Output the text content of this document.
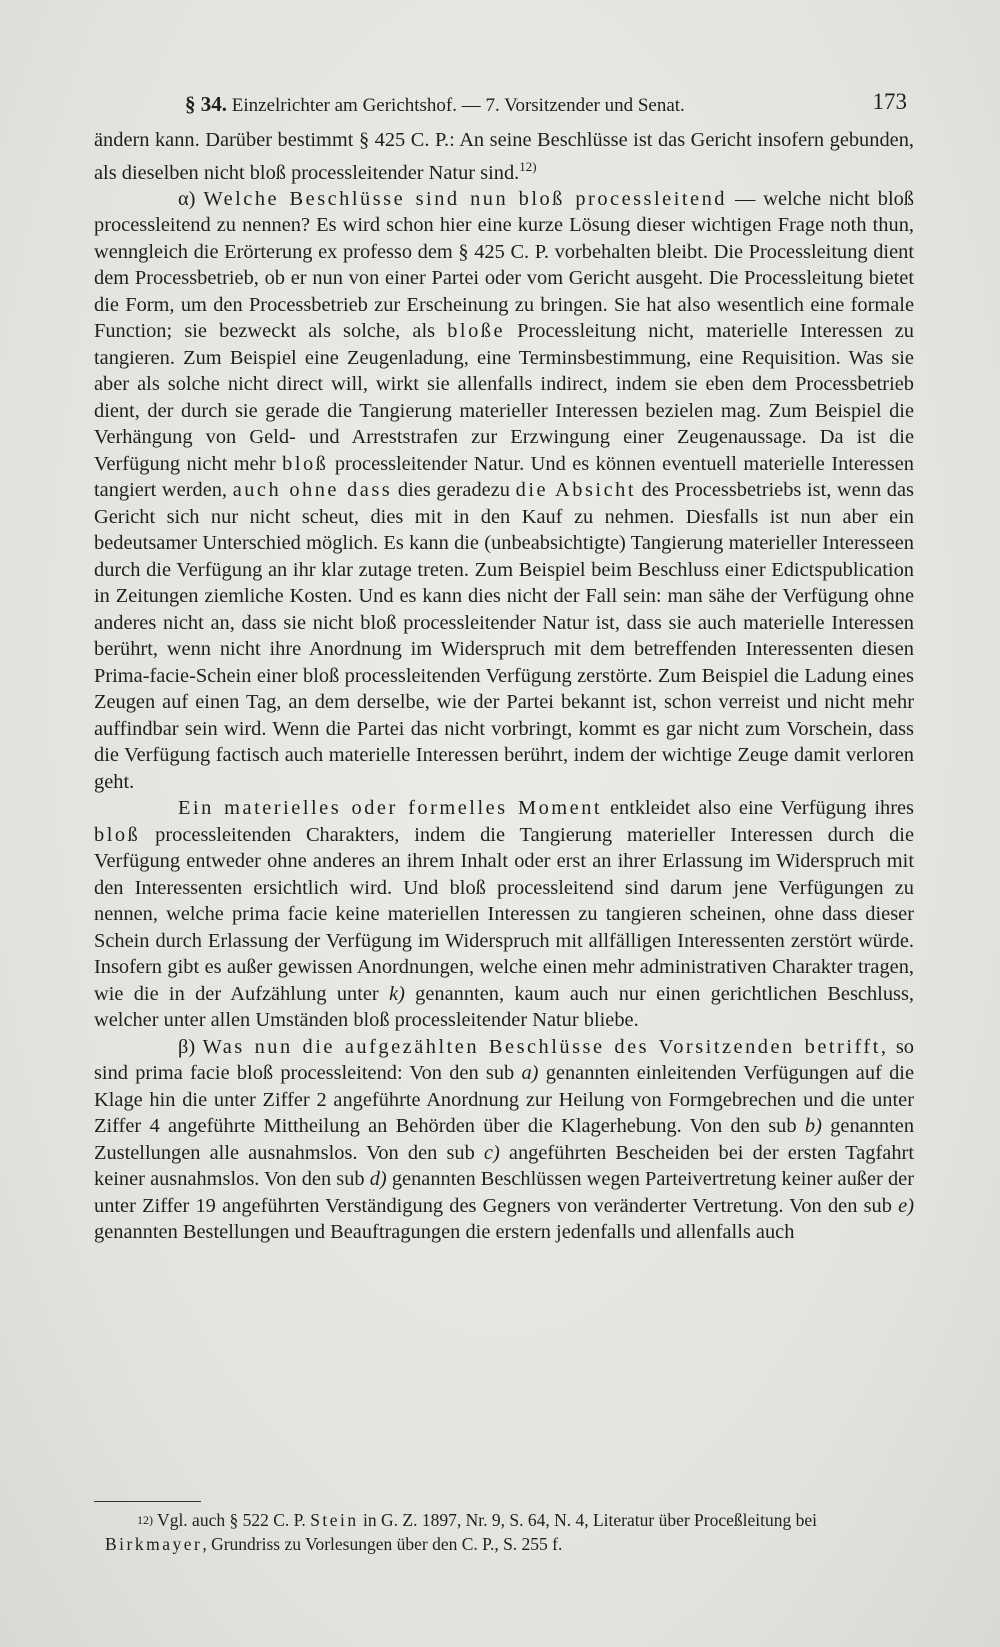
§ 34. Einzelrichter am Gerichtshof. — 7. Vorsitzender und Senat.	173

ändern kann. Darüber bestimmt § 425 C. P.: An seine Beschlüsse ist das Gericht insofern gebunden, als dieselben nicht bloß processleitender Natur sind.$^{12)}$

α) Welche Beschlüsse sind nun bloß processleitend — welche nicht bloß processleitend zu nennen? Es wird schon hier eine kurze Lösung dieser wichtigen Frage noth thun, wenngleich die Erörterung ex professo dem § 425 C. P. vorbehalten bleibt. Die Processleitung dient dem Processbetrieb, ob er nun von einer Partei oder vom Gericht ausgeht. Die Processleitung bietet die Form, um den Processbetrieb zur Erscheinung zu bringen. Sie hat also wesentlich eine formale Function; sie bezweckt als solche, als bloße Processleitung nicht, materielle Interessen zu tangieren. Zum Beispiel eine Zeugenladung, eine Terminsbestimmung, eine Requisition. Was sie aber als solche nicht direct will, wirkt sie allenfalls indirect, indem sie eben dem Processbetrieb dient, der durch sie gerade die Tangierung materieller Interessen bezielen mag. Zum Beispiel die Verhängung von Geld- und Arreststrafen zur Erzwingung einer Zeugenaussage. Da ist die Verfügung nicht mehr bloß processleitender Natur. Und es können eventuell materielle Interessen tangiert werden, auch ohne dass dies geradezu die Absicht des Processbetriebs ist, wenn das Gericht sich nur nicht scheut, dies mit in den Kauf zu nehmen. Diesfalls ist nun aber ein bedeutsamer Unterschied möglich. Es kann die (unbeabsichtigte) Tangierung materieller Interesseen durch die Verfügung an ihr klar zutage treten. Zum Beispiel beim Beschluss einer Edictspublication in Zeitungen ziemliche Kosten. Und es kann dies nicht der Fall sein: man sähe der Verfügung ohne anderes nicht an, dass sie nicht bloß processleitender Natur ist, dass sie auch materielle Interessen berührt, wenn nicht ihre Anordnung im Widerspruch mit dem betreffenden Interessenten diesen Prima-facie-Schein einer bloß processleitenden Verfügung zerstörte. Zum Beispiel die Ladung eines Zeugen auf einen Tag, an dem derselbe, wie der Partei bekannt ist, schon verreist und nicht mehr auffindbar sein wird. Wenn die Partei das nicht vorbringt, kommt es gar nicht zum Vorschein, dass die Verfügung factisch auch materielle Interessen berührt, indem der wichtige Zeuge damit verloren geht.

Ein materielles oder formelles Moment entkleidet also eine Verfügung ihres bloß processleitenden Charakters, indem die Tangierung materieller Interessen durch die Verfügung entweder ohne anderes an ihrem Inhalt oder erst an ihrer Erlassung im Widerspruch mit den Interessenten ersichtlich wird. Und bloß processleitend sind darum jene Verfügungen zu nennen, welche prima facie keine materiellen Interessen zu tangieren scheinen, ohne dass dieser Schein durch Erlassung der Verfügung im Widerspruch mit allfälligen Interessenten zerstört würde. Insofern gibt es außer gewissen Anordnungen, welche einen mehr administrativen Charakter tragen, wie die in der Aufzählung unter k) genannten, kaum auch nur einen gerichtlichen Beschluss, welcher unter allen Umständen bloß processleitender Natur bliebe.

β) Was nun die aufgezählten Beschlüsse des Vorsitzenden betrifft, so sind prima facie bloß processleitend: Von den sub a) genannten einleitenden Verfügungen auf die Klage hin die unter Ziffer 2 angeführte Anordnung zur Heilung von Formgebrechen und die unter Ziffer 4 angeführte Mittheilung an Behörden über die Klagerhebung. Von den sub b) genannten Zustellungen alle ausnahmslos. Von den sub c) angeführten Bescheiden bei der ersten Tagfahrt keiner ausnahmslos. Von den sub d) genannten Beschlüssen wegen Parteivertretung keiner außer der unter Ziffer 19 angeführten Verständigung des Gegners von veränderter Vertretung. Von den sub e) genannten Bestellungen und Beauftragungen die erstern jedenfalls und allenfalls auch

$^{12)}$ Vgl. auch § 522 C. P. Stein in G. Z. 1897, Nr. 9, S. 64, N. 4, Literatur über Proceßleitung bei Birkmayer, Grundriss zu Vorlesungen über den C. P., S. 255 f.
